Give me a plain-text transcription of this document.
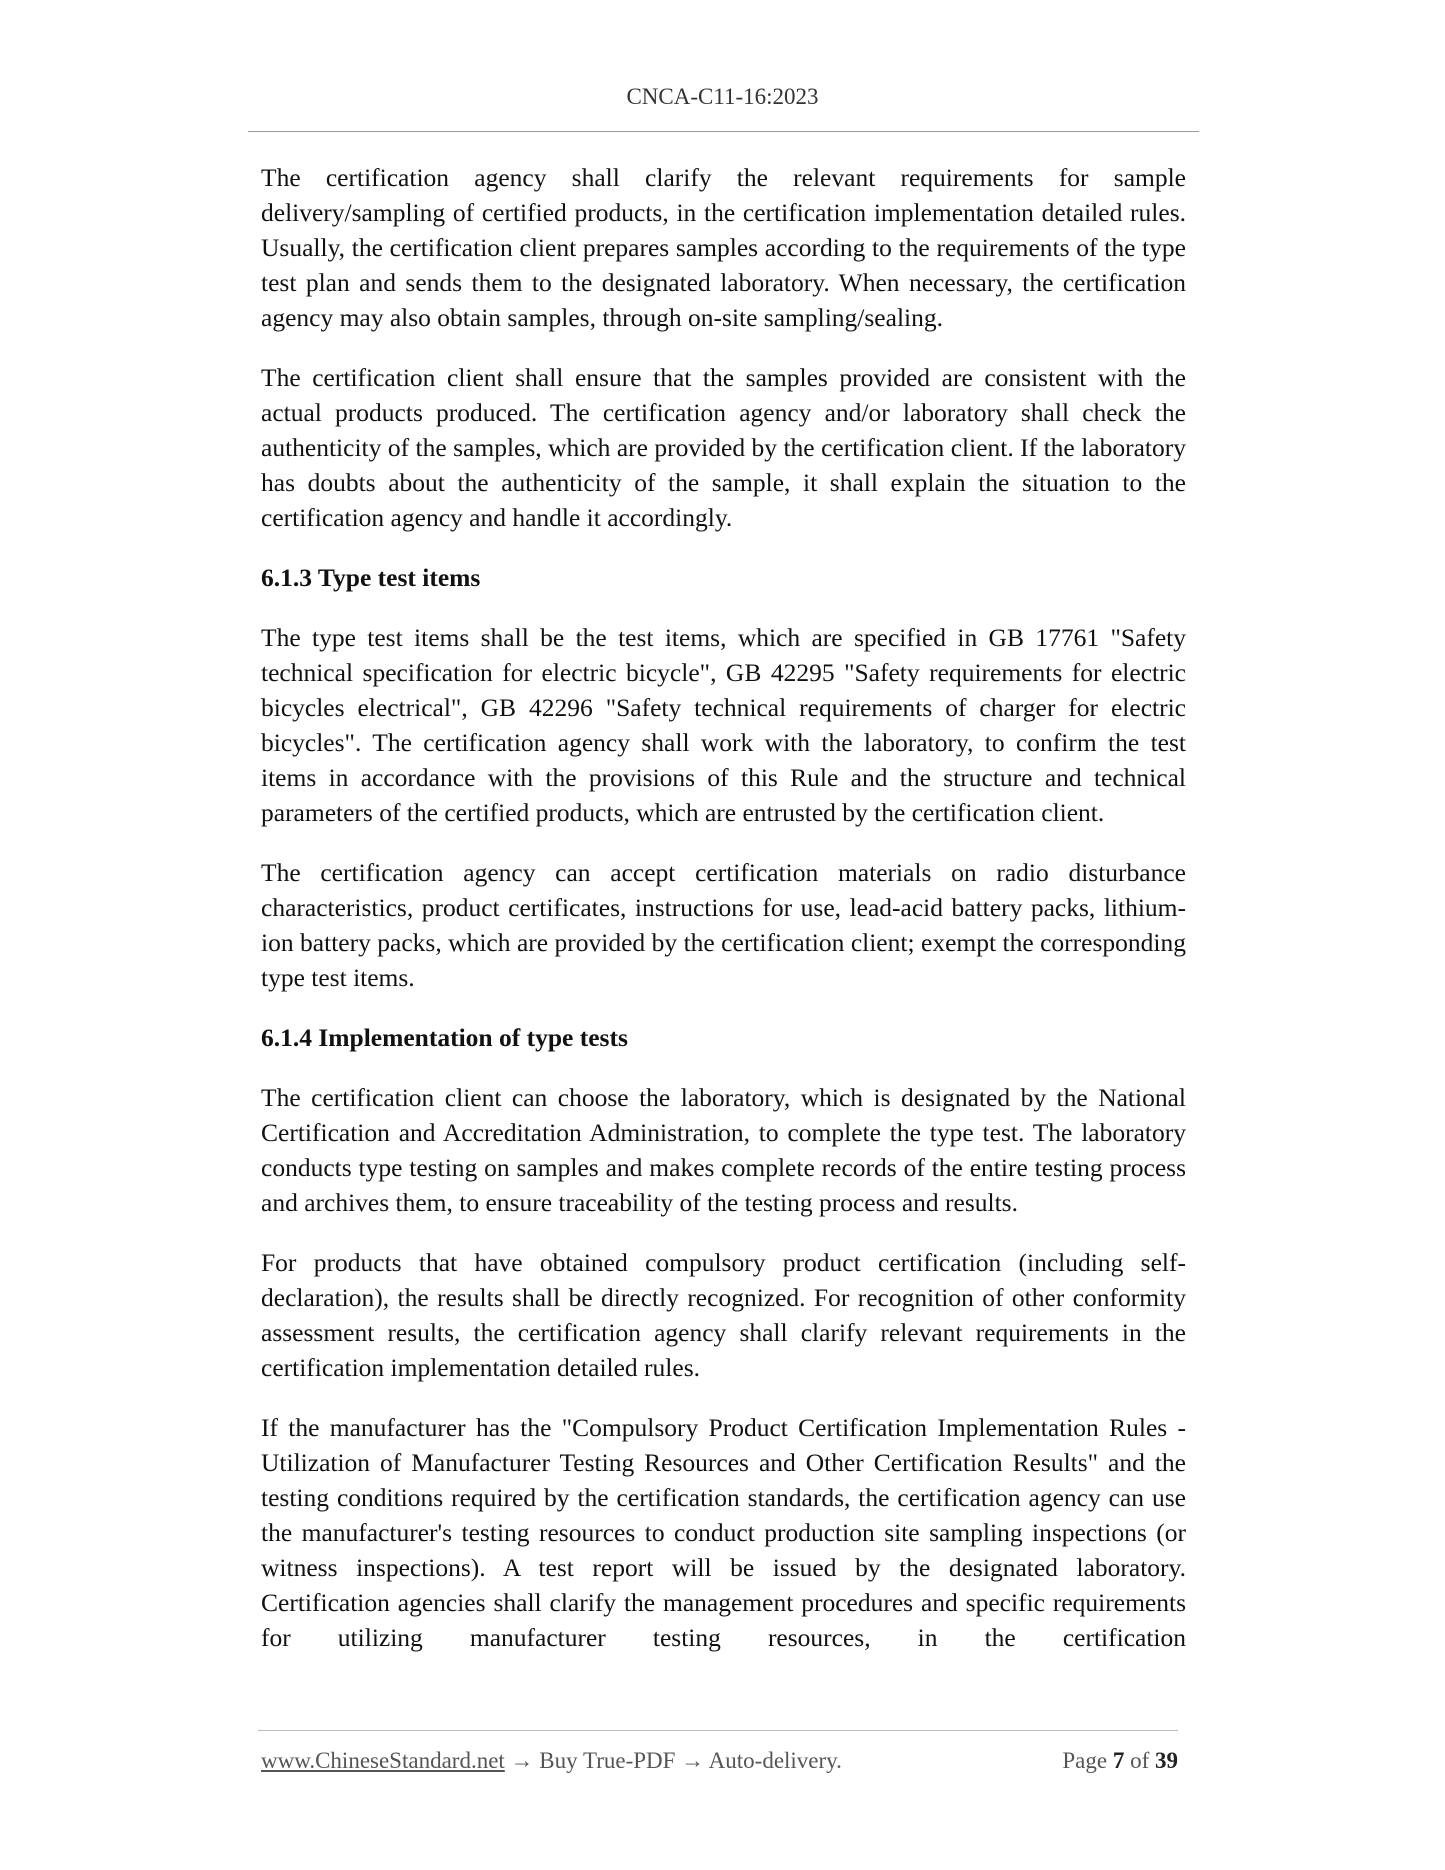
CNCA-C11-16:2023

The certification agency shall clarify the relevant requirements for sample delivery/sampling of certified products, in the certification implementation detailed rules. Usually, the certification client prepares samples according to the requirements of the type test plan and sends them to the designated laboratory. When necessary, the certification agency may also obtain samples, through on-site sampling/sealing.

The certification client shall ensure that the samples provided are consistent with the actual products produced. The certification agency and/or laboratory shall check the authenticity of the samples, which are provided by the certification client. If the laboratory has doubts about the authenticity of the sample, it shall explain the situation to the certification agency and handle it accordingly.

6.1.3 Type test items

The type test items shall be the test items, which are specified in GB 17761 "Safety technical specification for electric bicycle", GB 42295 "Safety requirements for electric bicycles electrical", GB 42296 "Safety technical requirements of charger for electric bicycles". The certification agency shall work with the laboratory, to confirm the test items in accordance with the provisions of this Rule and the structure and technical parameters of the certified products, which are entrusted by the certification client.

The certification agency can accept certification materials on radio disturbance characteristics, product certificates, instructions for use, lead-acid battery packs, lithium-ion battery packs, which are provided by the certification client; exempt the corresponding type test items.

6.1.4 Implementation of type tests

The certification client can choose the laboratory, which is designated by the National Certification and Accreditation Administration, to complete the type test. The laboratory conducts type testing on samples and makes complete records of the entire testing process and archives them, to ensure traceability of the testing process and results.

For products that have obtained compulsory product certification (including self-declaration), the results shall be directly recognized. For recognition of other conformity assessment results, the certification agency shall clarify relevant requirements in the certification implementation detailed rules.

If the manufacturer has the "Compulsory Product Certification Implementation Rules - Utilization of Manufacturer Testing Resources and Other Certification Results" and the testing conditions required by the certification standards, the certification agency can use the manufacturer's testing resources to conduct production site sampling inspections (or witness inspections). A test report will be issued by the designated laboratory. Certification agencies shall clarify the management procedures and specific requirements for utilizing manufacturer testing resources, in the certification

www.ChineseStandard.net → Buy True-PDF → Auto-delivery.	Page 7 of 39
